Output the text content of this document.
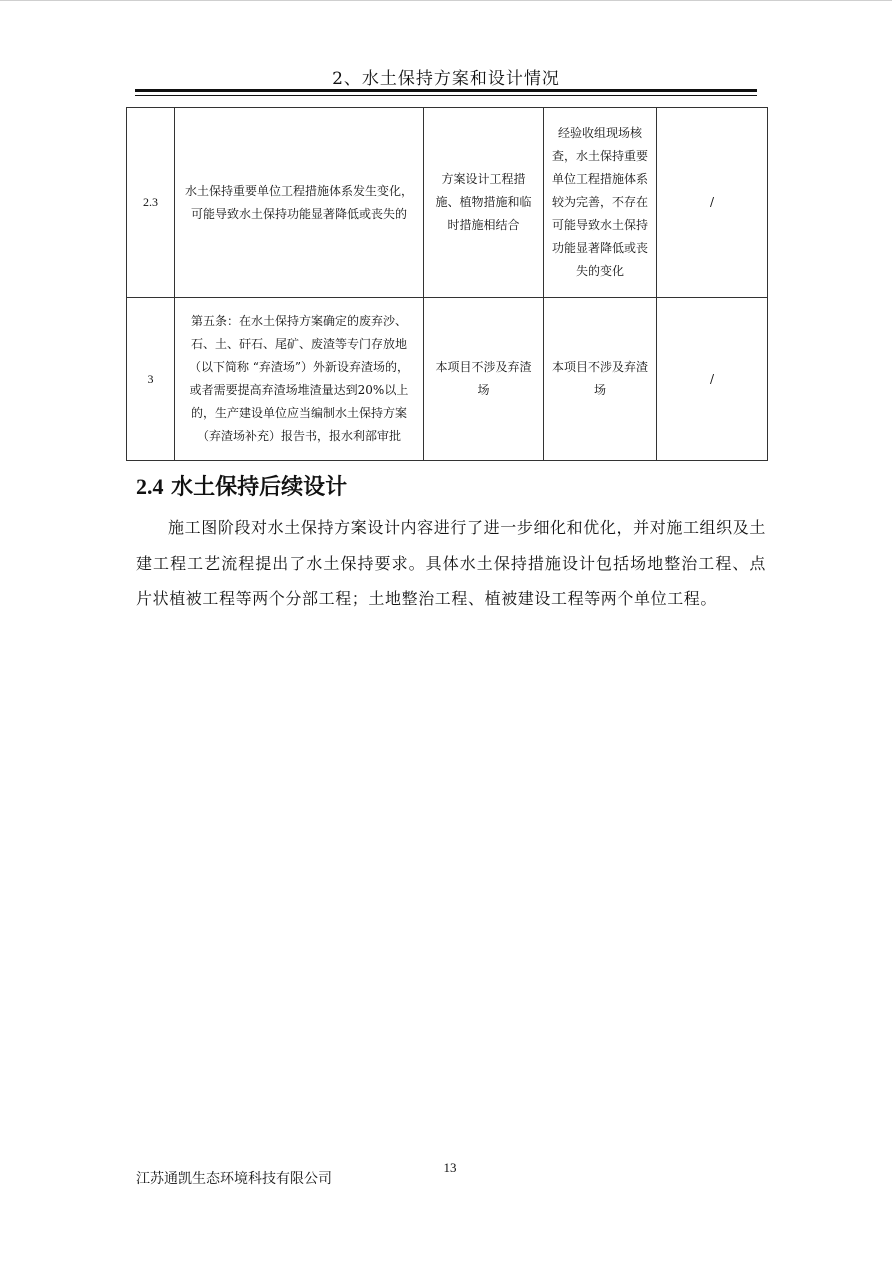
2、水土保持方案和设计情况
2.3	水土保持重要单位工程措施体系发生变化，可能导致水土保持功能显著降低或丧失的	方案设计工程措施、植物措施和临时措施相结合	经验收组现场核查，水土保持重要单位工程措施体系较为完善，不存在可能导致水土保持功能显著降低或丧失的变化	/
3	第五条：在水土保持方案确定的废弃沙、石、土、矸石、尾矿、废渣等专门存放地（以下简称 “弃渣场”）外新设弃渣场的，或者需要提高弃渣场堆渣量达到20%以上的，生产建设单位应当编制水土保持方案（弃渣场补充）报告书，报水利部审批	本项目不涉及弃渣场	本项目不涉及弃渣场	/
2.4 水土保持后续设计
施工图阶段对水土保持方案设计内容进行了进一步细化和优化，并对施工组织及土建工程工艺流程提出了水土保持要求。具体水土保持措施设计包括场地整治工程、点片状植被工程等两个分部工程；土地整治工程、植被建设工程等两个单位工程。
13
江苏通凯生态环境科技有限公司
